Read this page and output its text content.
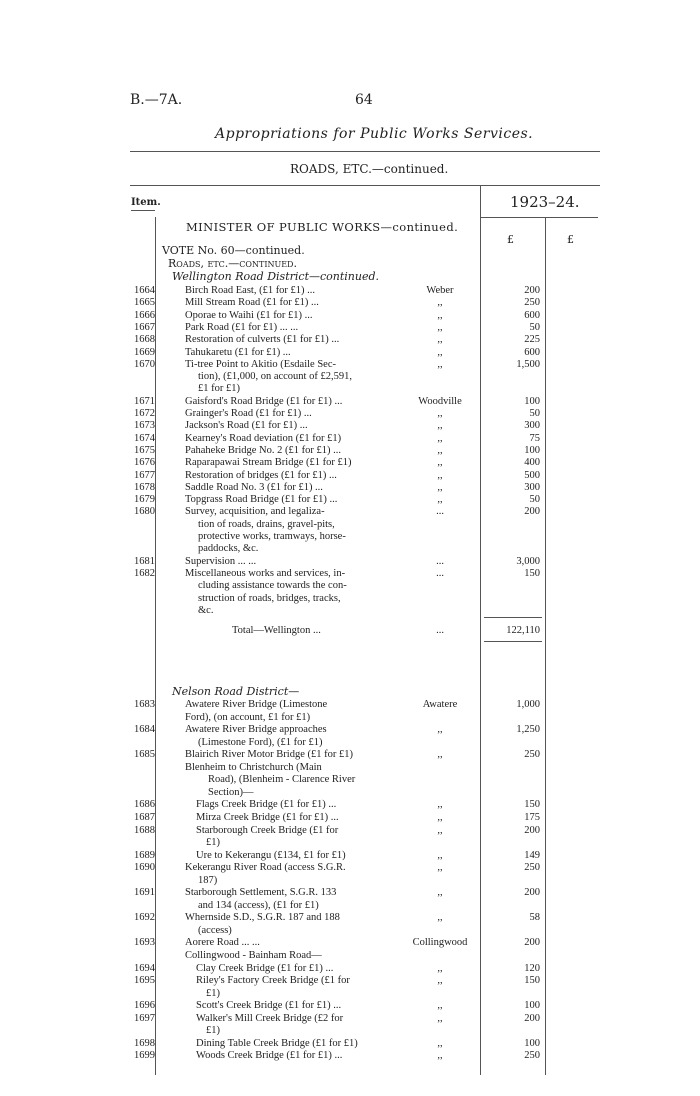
B.—7A.	64
Appropriations for Public Works Services.
ROADS, ETC.—continued.
Item.	1923–24.
£	£
MINISTER OF PUBLIC WORKS—continued.
VOTE No. 60—continued.
Roads, etc.—continued.
Wellington Road District—continued.
1664	Birch Road East, (£1 for £1) ...	Weber	200
1665	Mill Stream Road (£1 for £1) ...	,,	250
1666	Oporae to Waihi (£1 for £1) ...	,,	600
1667	Park Road (£1 for £1) ... ...	,,	50
1668	Restoration of culverts (£1 for £1) ...	,,	225
1669	Tahukaretu (£1 for £1) ...	,,	600
1670	Ti-tree Point to Akitio (Esdaile Sec-	,,	1,500
tion), (£1,000, on account of £2,591,
£1 for £1)
1671	Gaisford's Road Bridge (£1 for £1) ...	Woodville	100
1672	Grainger's Road (£1 for £1) ...	,,	50
1673	Jackson's Road (£1 for £1) ...	,,	300
1674	Kearney's Road deviation (£1 for £1)	,,	75
1675	Pahaheke Bridge No. 2 (£1 for £1) ...	,,	100
1676	Raparapawai Stream Bridge (£1 for £1)	,,	400
1677	Restoration of bridges (£1 for £1) ...	,,	500
1678	Saddle Road No. 3 (£1 for £1) ...	,,	300
1679	Topgrass Road Bridge (£1 for £1) ...	,,	50
1680	Survey, acquisition, and legaliza-	...	200
tion of roads, drains, gravel-pits,
protective works, tramways, horse-
paddocks, &c.
1681	Supervision ... ...	...	3,000
1682	Miscellaneous works and services, in-	...	150
cluding assistance towards the con-
struction of roads, bridges, tracks,
&c.
Total—Wellington ...	...	122,110
Nelson Road District—
1683	Awatere River Bridge (Limestone	Awatere	1,000
Ford), (on account, £1 for £1)
1684	Awatere River Bridge approaches	,,	1,250
(Limestone Ford), (£1 for £1)
1685	Blairich River Motor Bridge (£1 for £1)	,,	250
Blenheim to Christchurch (Main
Road), (Blenheim - Clarence River
Section)—
1686	Flags Creek Bridge (£1 for £1) ...	,,	150
1687	Mirza Creek Bridge (£1 for £1) ...	,,	175
1688	Starborough Creek Bridge (£1 for	,,	200
£1)
1689	Ure to Kekerangu (£134, £1 for £1)	,,	149
1690	Kekerangu River Road (access S.G.R.	,,	250
187)
1691	Starborough Settlement, S.G.R. 133	,,	200
and 134 (access), (£1 for £1)
1692	Whernside S.D., S.G.R. 187 and 188	,,	58
(access)
1693	Aorere Road ... ...	Collingwood	200
Collingwood - Bainham Road—
1694	Clay Creek Bridge (£1 for £1) ...	,,	120
1695	Riley's Factory Creek Bridge (£1 for	,,	150
£1)
1696	Scott's Creek Bridge (£1 for £1) ...	,,	100
1697	Walker's Mill Creek Bridge (£2 for	,,	200
£1)
1698	Dining Table Creek Bridge (£1 for £1)	,,	100
1699	Woods Creek Bridge (£1 for £1) ...	,,	250
